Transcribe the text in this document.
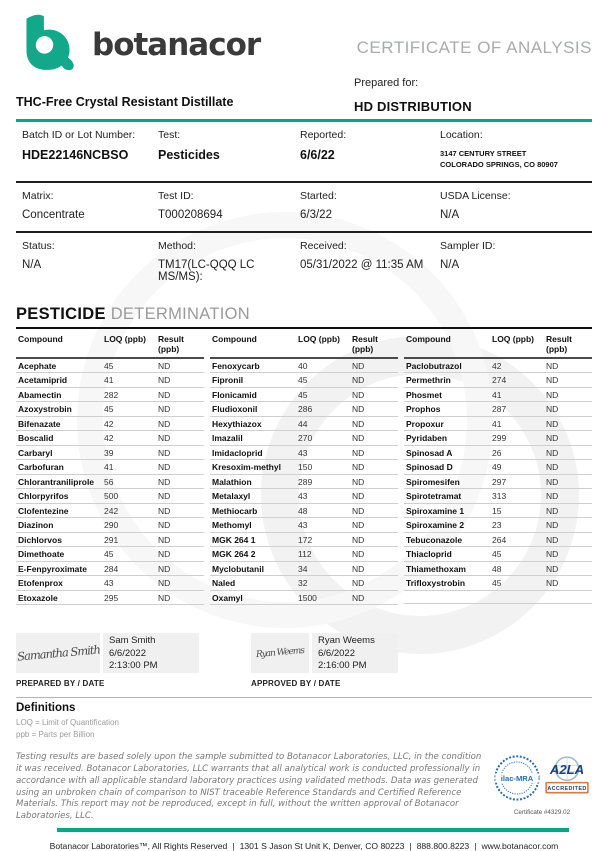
botanacor	CERTIFICATE OF ANALYSIS
THC-Free Crystal Resistant Distillate
Prepared for:
HD DISTRIBUTION
Batch ID or Lot Number:
HDE22146NCBSO
Test:
Pesticides
Reported:
6/6/22
Location:
3147 CENTURY STREET
COLORADO SPRINGS, CO 80907
Matrix:
Concentrate
Test ID:
T000208694
Started:
6/3/22
USDA License:
N/A
Status:
N/A
Method:
TM17(LC-QQQ LC MS/MS):
Received:
05/31/2022 @ 11:35 AM
Sampler ID:
N/A
PESTICIDE DETERMINATION
Compound	LOQ (ppb)	Result (ppb)
Acephate	45	ND
Acetamiprid	41	ND
Abamectin	282	ND
Azoxystrobin	45	ND
Bifenazate	42	ND
Boscalid	42	ND
Carbaryl	39	ND
Carbofuran	41	ND
Chlorantraniliprole	56	ND
Chlorpyrifos	500	ND
Clofentezine	242	ND
Diazinon	290	ND
Dichlorvos	291	ND
Dimethoate	45	ND
E-Fenpyroximate	284	ND
Etofenprox	43	ND
Etoxazole	295	ND
Compound	LOQ (ppb)	Result (ppb)
Fenoxycarb	40	ND
Fipronil	45	ND
Flonicamid	45	ND
Fludioxonil	286	ND
Hexythiazox	44	ND
Imazalil	270	ND
Imidacloprid	43	ND
Kresoxim-methyl	150	ND
Malathion	289	ND
Metalaxyl	43	ND
Methiocarb	48	ND
Methomyl	43	ND
MGK 264 1	172	ND
MGK 264 2	112	ND
Myclobutanil	34	ND
Naled	32	ND
Oxamyl	1500	ND
Compound	LOQ (ppb)	Result (ppb)
Paclobutrazol	42	ND
Permethrin	274	ND
Phosmet	41	ND
Prophos	287	ND
Propoxur	41	ND
Pyridaben	299	ND
Spinosad A	26	ND
Spinosad D	49	ND
Spiromesifen	297	ND
Spirotetramat	313	ND
Spiroxamine 1	15	ND
Spiroxamine 2	23	ND
Tebuconazole	264	ND
Thiacloprid	45	ND
Thiamethoxam	48	ND
Trifloxystrobin	45	ND
Samantha Smith
Sam Smith
6/6/2022
2:13:00 PM
PREPARED BY / DATE
Ryan Weems
Ryan Weems
6/6/2022
2:16:00 PM
APPROVED BY / DATE
Definitions
LOQ = Limit of Quantification
ppb = Parts per Billion
Testing results are based solely upon the sample submitted to Botanacor Laboratories, LLC, in the condition it was received. Botanacor Laboratories, LLC warrants that all analytical work is conducted professionally in accordance with all applicable standard laboratory practices using validated methods. Data was generated using an unbroken chain of comparison to NIST traceable Reference Standards and Certified Reference Materials. This report may not be reproduced, except in full, without the written approval of Botanacor Laboratories, LLC.
ilac-MRA
A2LA
ACCREDITED
Certificate #4329.02
Botanacor Laboratories™, All Rights Reserved | 1301 S Jason St Unit K, Denver, CO 80223 | 888.800.8223 | www.botanacor.com
